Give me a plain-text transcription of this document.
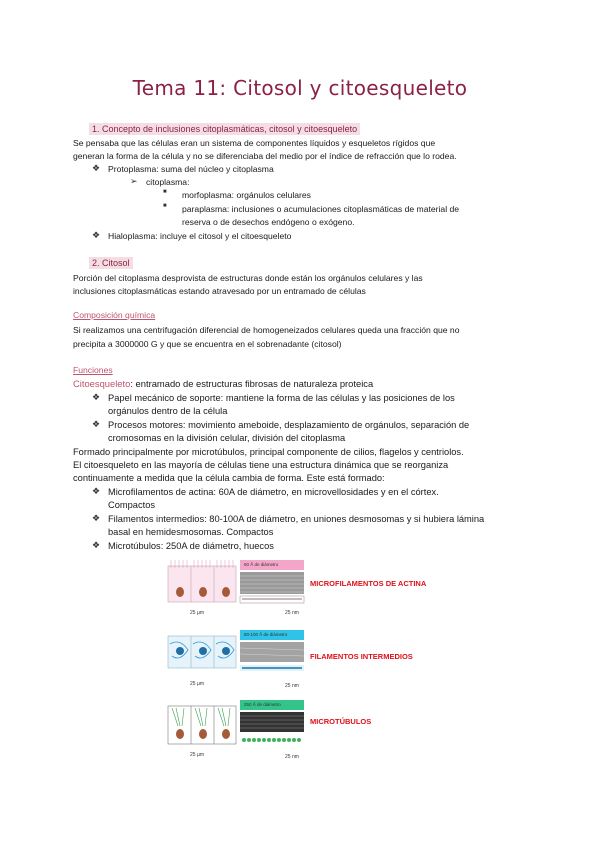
Tema 11: Citosol y citoesqueleto
1. Concepto de inclusiones citoplasmáticas, citosol y citoesqueleto
Se pensaba que las células eran un sistema de componentes líquidos y esqueletos rígidos que
generan la forma de la célula y no se diferenciaba del medio por el índice de refracción que lo rodea.
❖ Protoplasma: suma del núcleo y citoplasma
➢ citoplasma:
■ morfoplasma: orgánulos celulares
■ paraplasma: inclusiones o acumulaciones citoplasmáticas de material de
reserva o de desechos endógeno o exógeno.
❖ Hialoplasma: incluye el citosol y el citoesqueleto
2. Citosol
Porción del citoplasma desprovista de estructuras donde están los orgánulos celulares y las
inclusiones citoplasmáticas estando atravesado por un entramado de células
Composición química
Si realizamos una centrifugación diferencial de homogeneizados celulares queda una fracción que no
precipita a 3000000 G y que se encuentra en el sobrenadante (citosol)
Funciones
Citoesqueleto: entramado de estructuras fibrosas de naturaleza proteica
❖ Papel mecánico de soporte: mantiene la forma de las células y las posiciones de los
orgánulos dentro de la célula
❖ Procesos motores: movimiento ameboide, desplazamiento de orgánulos, separación de
cromosomas en la división celular, división del citoplasma
Formado principalmente por microtúbulos, principal componente de cilios, flagelos y centriolos.
El citoesqueleto en las mayoría de células tiene una estructura dinámica que se reorganiza
continuamente a medida que la célula cambia de forma. Este está formado:
❖ Microfilamentos de actina: 60A de diámetro, en microvellosidades y en el córtex.
Compactos
❖ Filamentos intermedios: 80-100A de diámetro, en uniones desmosomas y si hubiera lámina
basal en hemidesmosomas. Compactos
❖ Microtúbulos: 250A de diámetro, huecos
25 µm	25 nm
25 µm	25 nm
25 µm	25 nm
60 Å de diámetro
80-100 Å de diámetro
250 Å de diámetro
MICROFILAMENTOS DE ACTINA
FILAMENTOS INTERMEDIOS
MICROTÚBULOS
